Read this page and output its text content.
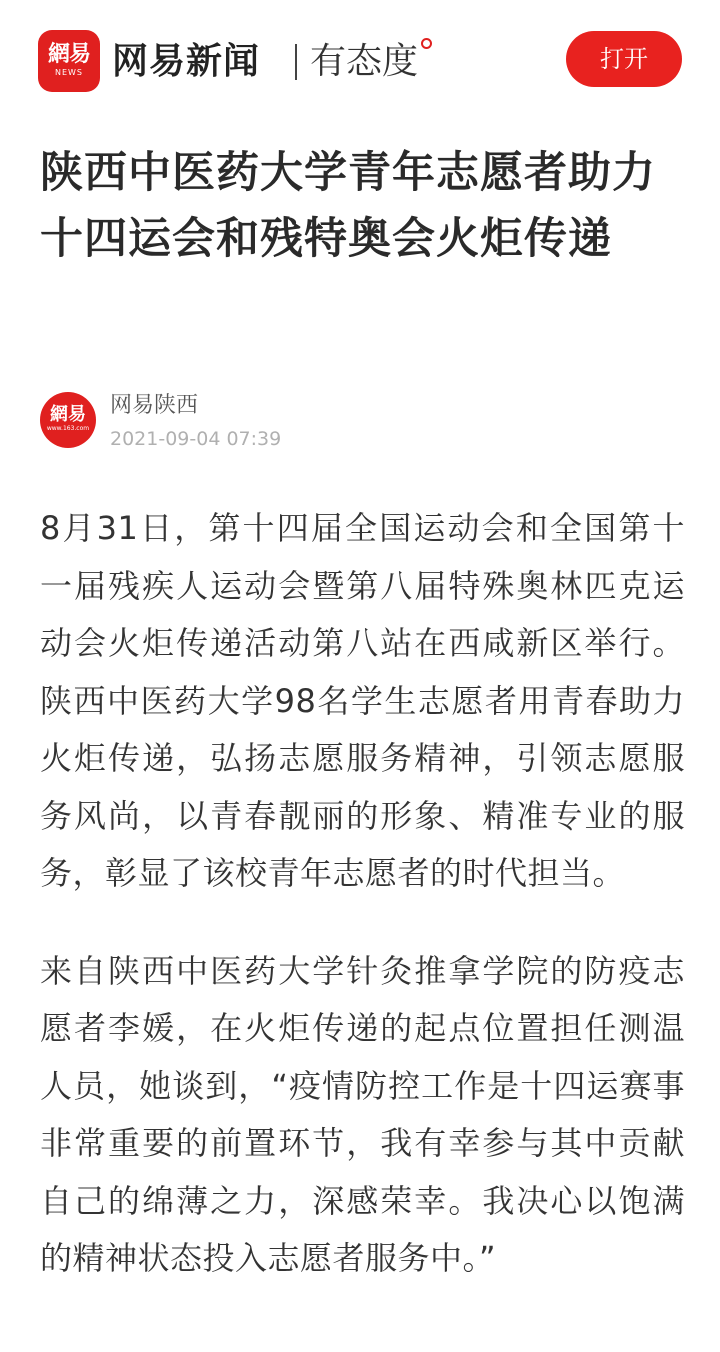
網易
NEWS 网易新闻 有态度	打开
陕西中医药大学青年志愿者助力十四运会和残特奥会火炬传递
網易
www.163.com
网易陕西
2021-09-04 07:39

8月31日，第十四届全国运动会和全国第十一届残疾人运动会暨第八届特殊奥林匹克运动会火炬传递活动第八站在西咸新区举行。陕西中医药大学98名学生志愿者用青春助力火炬传递，弘扬志愿服务精神，引领志愿服务风尚，以青春靓丽的形象、精准专业的服务，彰显了该校青年志愿者的时代担当。

来自陕西中医药大学针灸推拿学院的防疫志愿者李媛，在火炬传递的起点位置担任测温人员，她谈到，“疫情防控工作是十四运赛事非常重要的前置环节，我有幸参与其中贡献自己的绵薄之力，深感荣幸。我决心以饱满的精神状态投入志愿者服务中。”
